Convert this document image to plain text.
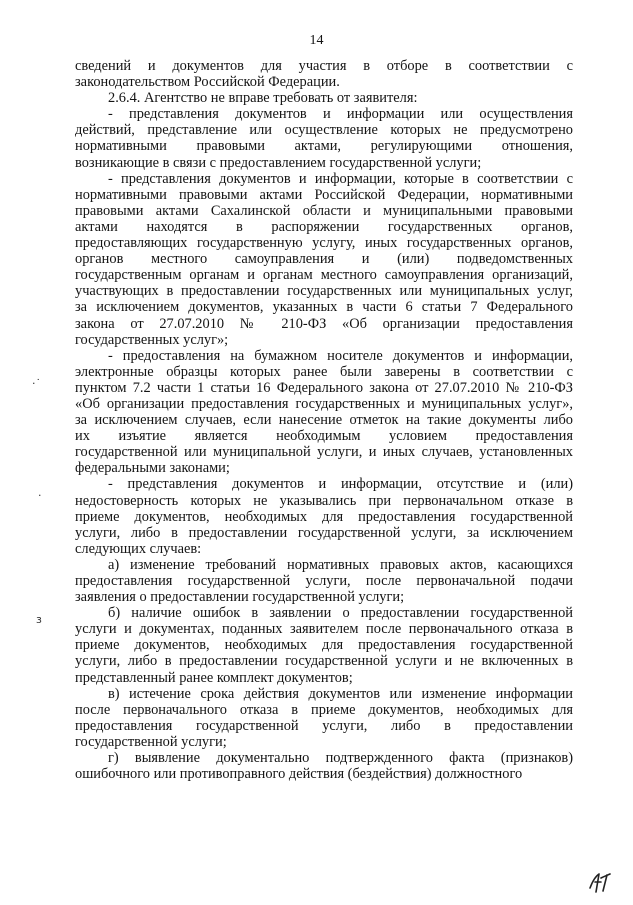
14

сведений и документов для участия в отборе в соответствии с
законодательством Российской Федерации.

2.6.4. Агентство не вправе требовать от заявителя:

- представления документов и информации или осуществления
действий, представление или осуществление которых не предусмотрено
нормативными правовыми актами, регулирующими отношения,
возникающие в связи с предоставлением государственной услуги;

- представления документов и информации, которые в соответствии с
нормативными правовыми актами Российской Федерации, нормативными
правовыми актами Сахалинской области и муниципальными правовыми
актами находятся в распоряжении государственных органов,
предоставляющих государственную услугу, иных государственных органов,
органов местного самоуправления и (или) подведомственных
государственным органам и органам местного самоуправления организаций,
участвующих в предоставлении государственных или муниципальных услуг,
за исключением документов, указанных в части 6 статьи 7 Федерального
закона от 27.07.2010 № 210-ФЗ «Об организации предоставления
государственных услуг»;

- предоставления на бумажном носителе документов и информации,
электронные образцы которых ранее были заверены в соответствии с
пунктом 7.2 части 1 статьи 16 Федерального закона от 27.07.2010 № 210-ФЗ
«Об организации предоставления государственных и муниципальных услуг»,
за исключением случаев, если нанесение отметок на такие документы либо
их изъятие является необходимым условием предоставления
государственной или муниципальной услуги, и иных случаев, установленных
федеральными законами;

- представления документов и информации, отсутствие и (или)
недостоверность которых не указывались при первоначальном отказе в
приеме документов, необходимых для предоставления государственной
услуги, либо в предоставлении государственной услуги, за исключением
следующих случаев:

а) изменение требований нормативных правовых актов, касающихся
предоставления государственной услуги, после первоначальной подачи
заявления о предоставлении государственной услуги;

б) наличие ошибок в заявлении о предоставлении государственной
услуги и документах, поданных заявителем после первоначального отказа в
приеме документов, необходимых для предоставления государственной
услуги, либо в предоставлении государственной услуги и не включенных в
представленный ранее комплект документов;

в) истечение срока действия документов или изменение информации
после первоначального отказа в приеме документов, необходимых для
предоставления государственной услуги, либо в предоставлении
государственной услуги;

г) выявление документально подтвержденного факта (признаков)
ошибочного или противоправного действия (бездействия) должностного

·˙
·
ɜ
